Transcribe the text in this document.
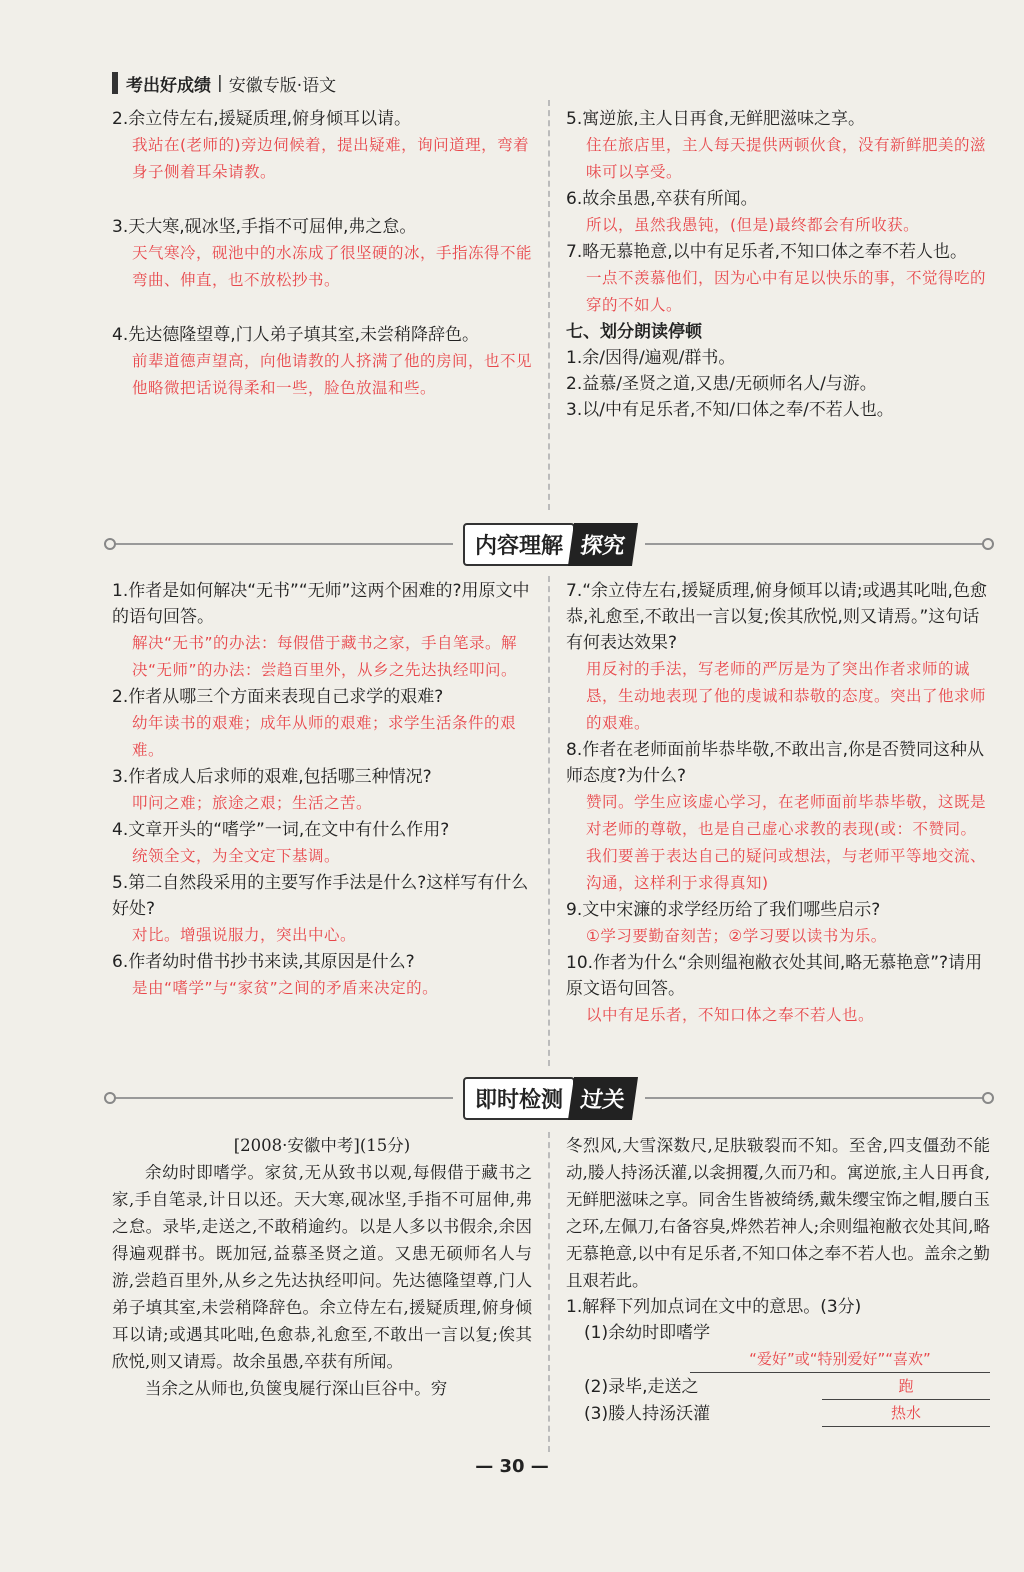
考出好成绩 | 安徽专版·语文

2.余立侍左右,援疑质理,俯身倾耳以请。

我站在(老师的)旁边伺候着，提出疑难，询问道理，弯着身子侧着耳朵请教。

3.天大寒,砚冰坚,手指不可屈伸,弗之怠。

天气寒冷，砚池中的水冻成了很坚硬的冰，手指冻得不能弯曲、伸直，也不放松抄书。

4.先达德隆望尊,门人弟子填其室,未尝稍降辞色。

前辈道德声望高，向他请教的人挤满了他的房间，也不见他略微把话说得柔和一些，脸色放温和些。

5.寓逆旅,主人日再食,无鲜肥滋味之享。

住在旅店里，主人每天提供两顿伙食，没有新鲜肥美的滋味可以享受。

6.故余虽愚,卒获有所闻。

所以，虽然我愚钝，(但是)最终都会有所收获。

7.略无慕艳意,以中有足乐者,不知口体之奉不若人也。

一点不羡慕他们，因为心中有足以快乐的事，不觉得吃的穿的不如人。

七、划分朗读停顿

1.余/因得/遍观/群书。

2.益慕/圣贤之道,又患/无硕师名人/与游。

3.以/中有足乐者,不知/口体之奉/不若人也。

内容理解 探究

1.作者是如何解决“无书”“无师”这两个困难的?用原文中的语句回答。

解决“无书”的办法：每假借于藏书之家，手自笔录。解决“无师”的办法：尝趋百里外，从乡之先达执经叩问。

2.作者从哪三个方面来表现自己求学的艰难?

幼年读书的艰难；成年从师的艰难；求学生活条件的艰难。

3.作者成人后求师的艰难,包括哪三种情况?

叩问之难；旅途之艰；生活之苦。

4.文章开头的“嗜学”一词,在文中有什么作用?

统领全文，为全文定下基调。

5.第二自然段采用的主要写作手法是什么?这样写有什么好处?

对比。增强说服力，突出中心。

6.作者幼时借书抄书来读,其原因是什么?

是由“嗜学”与“家贫”之间的矛盾来决定的。

7.“余立侍左右,援疑质理,俯身倾耳以请;或遇其叱咄,色愈恭,礼愈至,不敢出一言以复;俟其欣悦,则又请焉。”这句话有何表达效果?

用反衬的手法，写老师的严厉是为了突出作者求师的诚恳，生动地表现了他的虔诚和恭敬的态度。突出了他求师的艰难。

8.作者在老师面前毕恭毕敬,不敢出言,你是否赞同这种从师态度?为什么?

赞同。学生应该虚心学习，在老师面前毕恭毕敬，这既是对老师的尊敬，也是自己虚心求教的表现(或：不赞同。我们要善于表达自己的疑问或想法，与老师平等地交流、沟通，这样利于求得真知)

9.文中宋濂的求学经历给了我们哪些启示?

①学习要勤奋刻苦；②学习要以读书为乐。

10.作者为什么“余则缊袍敝衣处其间,略无慕艳意”?请用原文语句回答。

以中有足乐者，不知口体之奉不若人也。
即时检测 过关
[2008·安徽中考](15分)

余幼时即嗜学。家贫,无从致书以观,每假借于藏书之家,手自笔录,计日以还。天大寒,砚冰坚,手指不可屈伸,弗之怠。录毕,走送之,不敢稍逾约。以是人多以书假余,余因得遍观群书。既加冠,益慕圣贤之道。又患无硕师名人与游,尝趋百里外,从乡之先达执经叩问。先达德隆望尊,门人弟子填其室,未尝稍降辞色。余立侍左右,援疑质理,俯身倾耳以请;或遇其叱咄,色愈恭,礼愈至,不敢出一言以复;俟其欣悦,则又请焉。故余虽愚,卒获有所闻。

当余之从师也,负箧曳屣行深山巨谷中。穷

冬烈风,大雪深数尺,足肤皲裂而不知。至舍,四支僵劲不能动,媵人持汤沃灌,以衾拥覆,久而乃和。寓逆旅,主人日再食,无鲜肥滋味之享。同舍生皆被绮绣,戴朱缨宝饰之帽,腰白玉之环,左佩刀,右备容臭,烨然若神人;余则缊袍敝衣处其间,略无慕艳意,以中有足乐者,不知口体之奉不若人也。盖余之勤且艰若此。

1.解释下列加点词在文中的意思。(3分)

(1)余幼时即嗜学
“爱好”或“特别爱好”“喜欢”
(2)录毕,走送之	跑
(3)媵人持汤沃灌	热水
— 30 —
